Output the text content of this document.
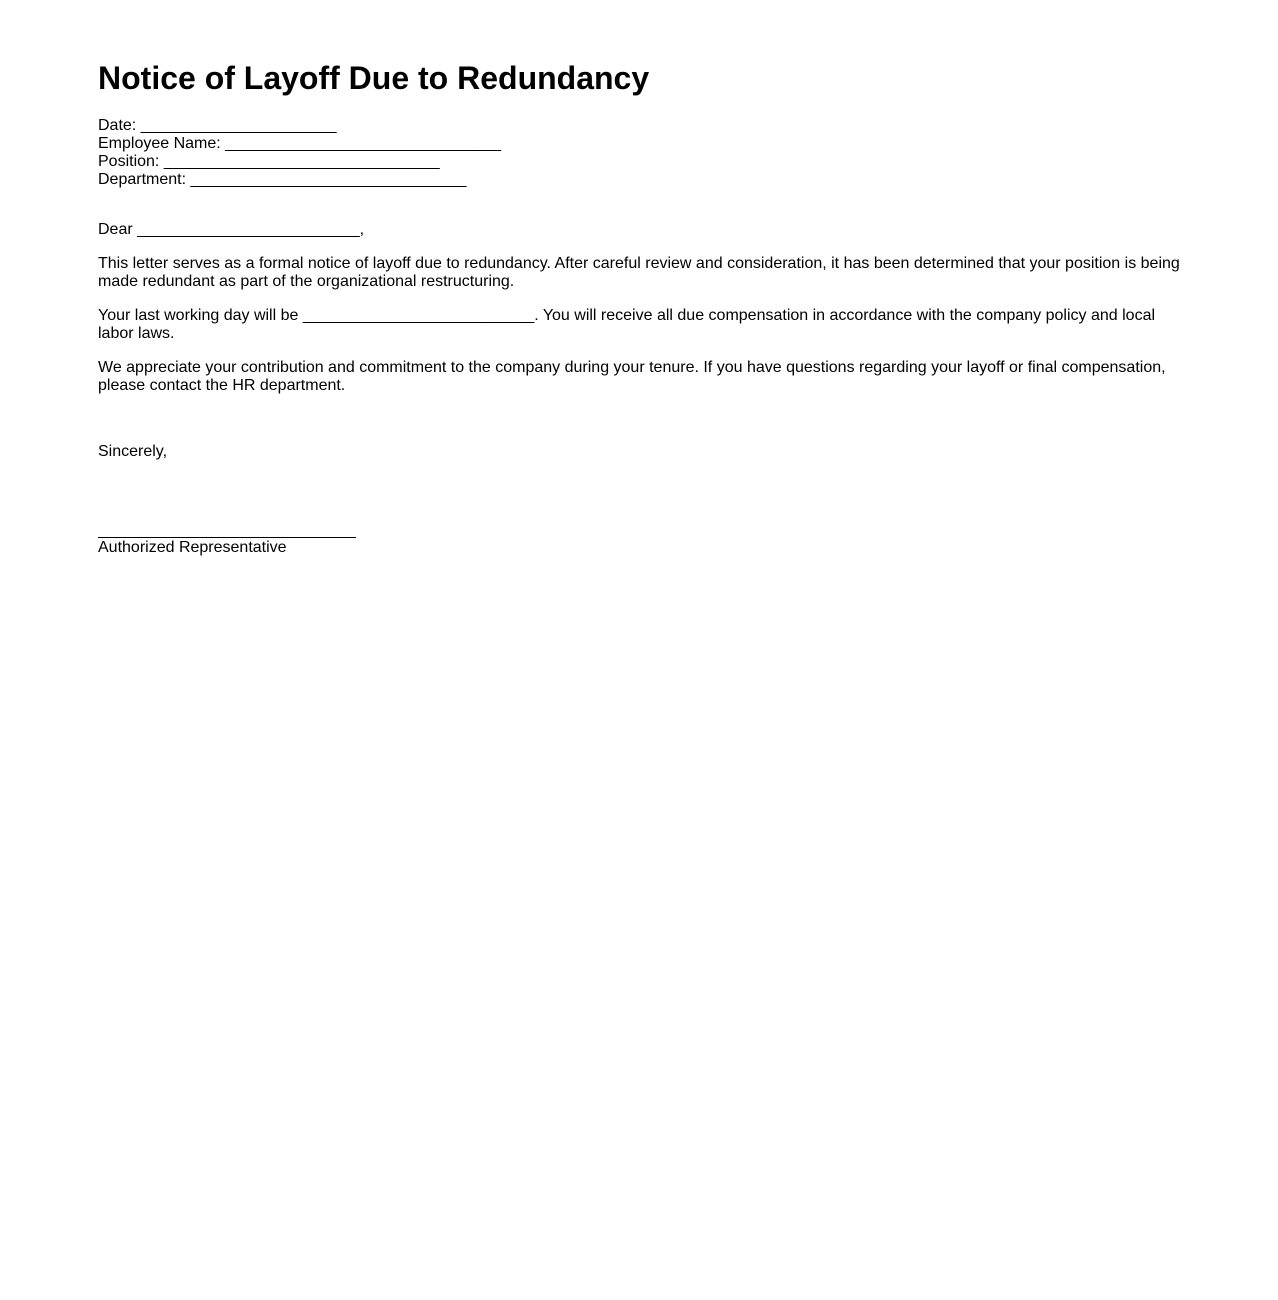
Notice of Layoff Due to Redundancy
Date: ______________________
Employee Name: _______________________________
Position: _______________________________
Department: _______________________________

Dear _________________________,

This letter serves as a formal notice of layoff due to redundancy. After careful review and consideration, it has been determined that your position is being made redundant as part of the organizational restructuring.

Your last working day will be __________________________. You will receive all due compensation in accordance with the company policy and local labor laws.

We appreciate your contribution and commitment to the company during your tenure. If you have questions regarding your layoff or final compensation, please contact the HR department.

Sincerely,
Authorized Representative
